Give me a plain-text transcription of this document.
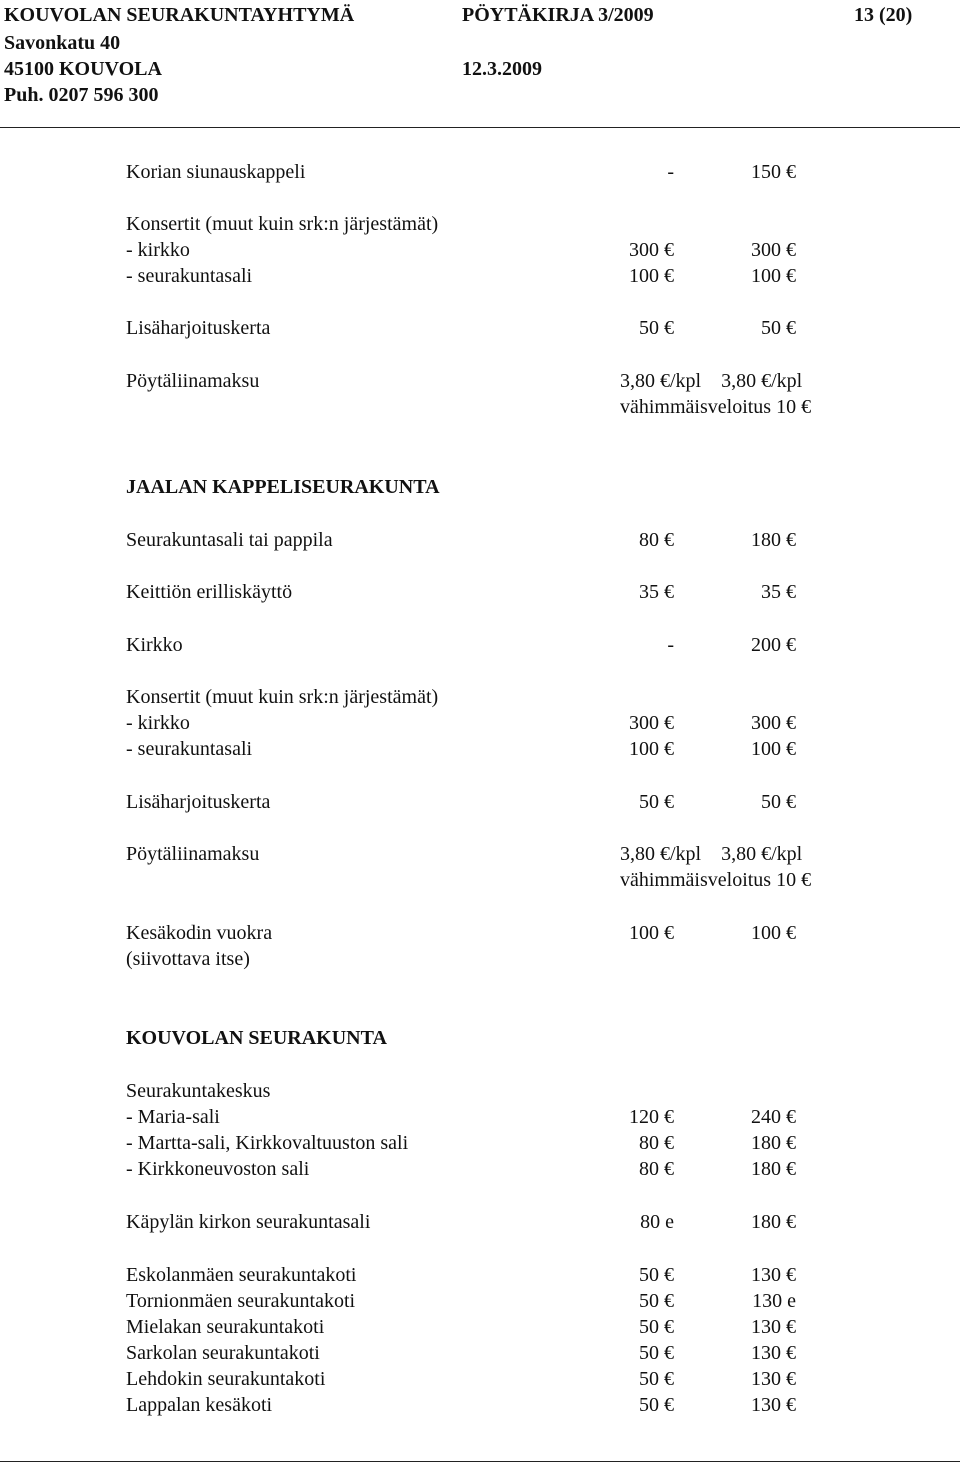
KOUVOLAN SEURAKUNTAYHTYMÄ	PÖYTÄKIRJA 3/2009	13 (20)
Savonkatu 40
45100 KOUVOLA	12.3.2009
Puh. 0207 596 300
Korian siunauskappeli	-	150 €
Konsertit (muut kuin srk:n järjestämät)
- kirkko	300 €	300 €
- seurakuntasali	100 €	100 €
Lisäharjoituskerta	50 €	50 €
Pöytäliinamaksu	3,80 €/kpl    3,80 €/kpl
vähimmäisveloitus 10 €
JAALAN KAPPELISEURAKUNTA
Seurakuntasali tai pappila	80 €	180 €
Keittiön erilliskäyttö	35 €	35 €
Kirkko	-	200 €
Konsertit (muut kuin srk:n järjestämät)
- kirkko	300 €	300 €
- seurakuntasali	100 €	100 €
Lisäharjoituskerta	50 €	50 €
Pöytäliinamaksu	3,80 €/kpl    3,80 €/kpl
vähimmäisveloitus 10 €
Kesäkodin vuokra	100 €	100 €
(siivottava itse)
KOUVOLAN SEURAKUNTA
Seurakuntakeskus
- Maria-sali	120 €	240 €
- Martta-sali, Kirkkovaltuuston sali	80 €	180 €
- Kirkkoneuvoston sali	80 €	180 €
Käpylän kirkon seurakuntasali	80 e	180 €
Eskolanmäen seurakuntakoti	50 €	130 €
Tornionmäen seurakuntakoti	50 €	130 e
Mielakan seurakuntakoti	50 €	130 €
Sarkolan seurakuntakoti	50 €	130 €
Lehdokin seurakuntakoti	50 €	130 €
Lappalan kesäkoti	50 €	130 €
